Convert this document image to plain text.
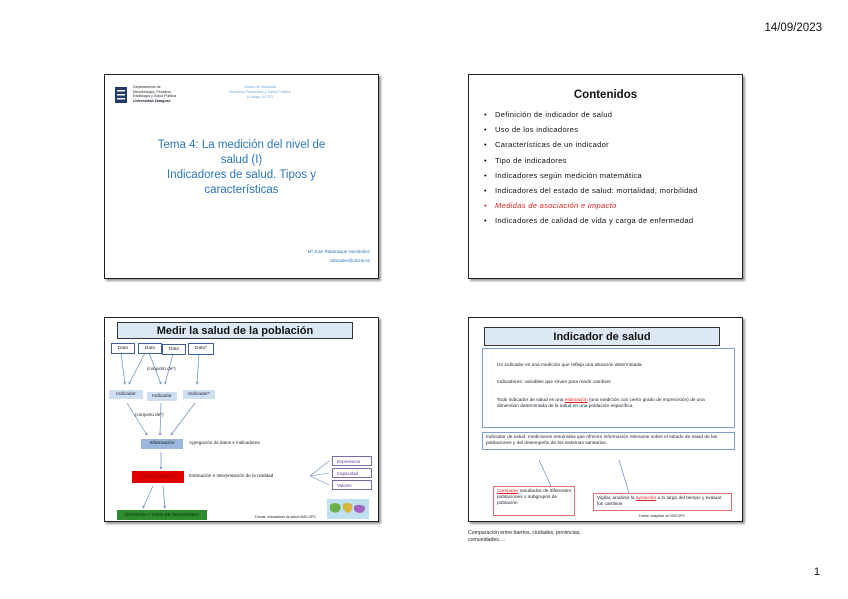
14/09/2023
Departamento de
Microbiología, Pediatría,
Radiología y Salud Pública
Universidad Zaragoza
Grado de Medicina
Medicina Preventiva y Salud Pública
(Código 26737)
Tema 4: La medición del nivel de
salud (I)
Indicadores de salud. Tipos y
características
Mª José Rabanaque Hernández
rabanake@unizar.es
Contenidos
• Definición de indicador de salud
• Uso de los indicadores
• Características de un indicador
• Tipo de indicadores
• Indicadores según medición matemática
• Indicadores del estado de salud: mortalidad, morbilidad
• Medidas de asociación e impacto
• Indicadores de calidad de vida y carga de enfermedad
Medir la salud de la población
Dato	Dato	Dato	Dato*
(conjunto de*)
Indicador	Indicador	Indicador*
(conjunto de*)
Información	Agregación de datos e indicadores
CONOCIMIENTO	Estimación e interpretación de la realidad
Experiencia
Capacidad
Valores
DIFUSIÓN Y TOMA DE DECISIONES	Fuente: Indicadores de salud OMS-OPS
Indicador de salud
Un indicador es una medición que refleja una situación determinada
Indicadores: variables que sirven para medir cambios
Todo indicador de salud es una estimación (una medición con cierto grado de imprecisión) de una dimensión determinada de la salud en una población específica.
Indicador de salud: mediciones resumidas que ofrecen información relevante sobre el estado de salud de las poblaciones y del desempeño de los sistemas sanitarios.
Comparar resultados de diferentes poblaciones o subgrupos de población
Vigilar, analizar la evolución a lo largo del tiempo y evaluar los cambios
Fuente: Adaptado de OMS-OPS
Comparación entre barrios, ciudades, provincias,
comunidades….
1
